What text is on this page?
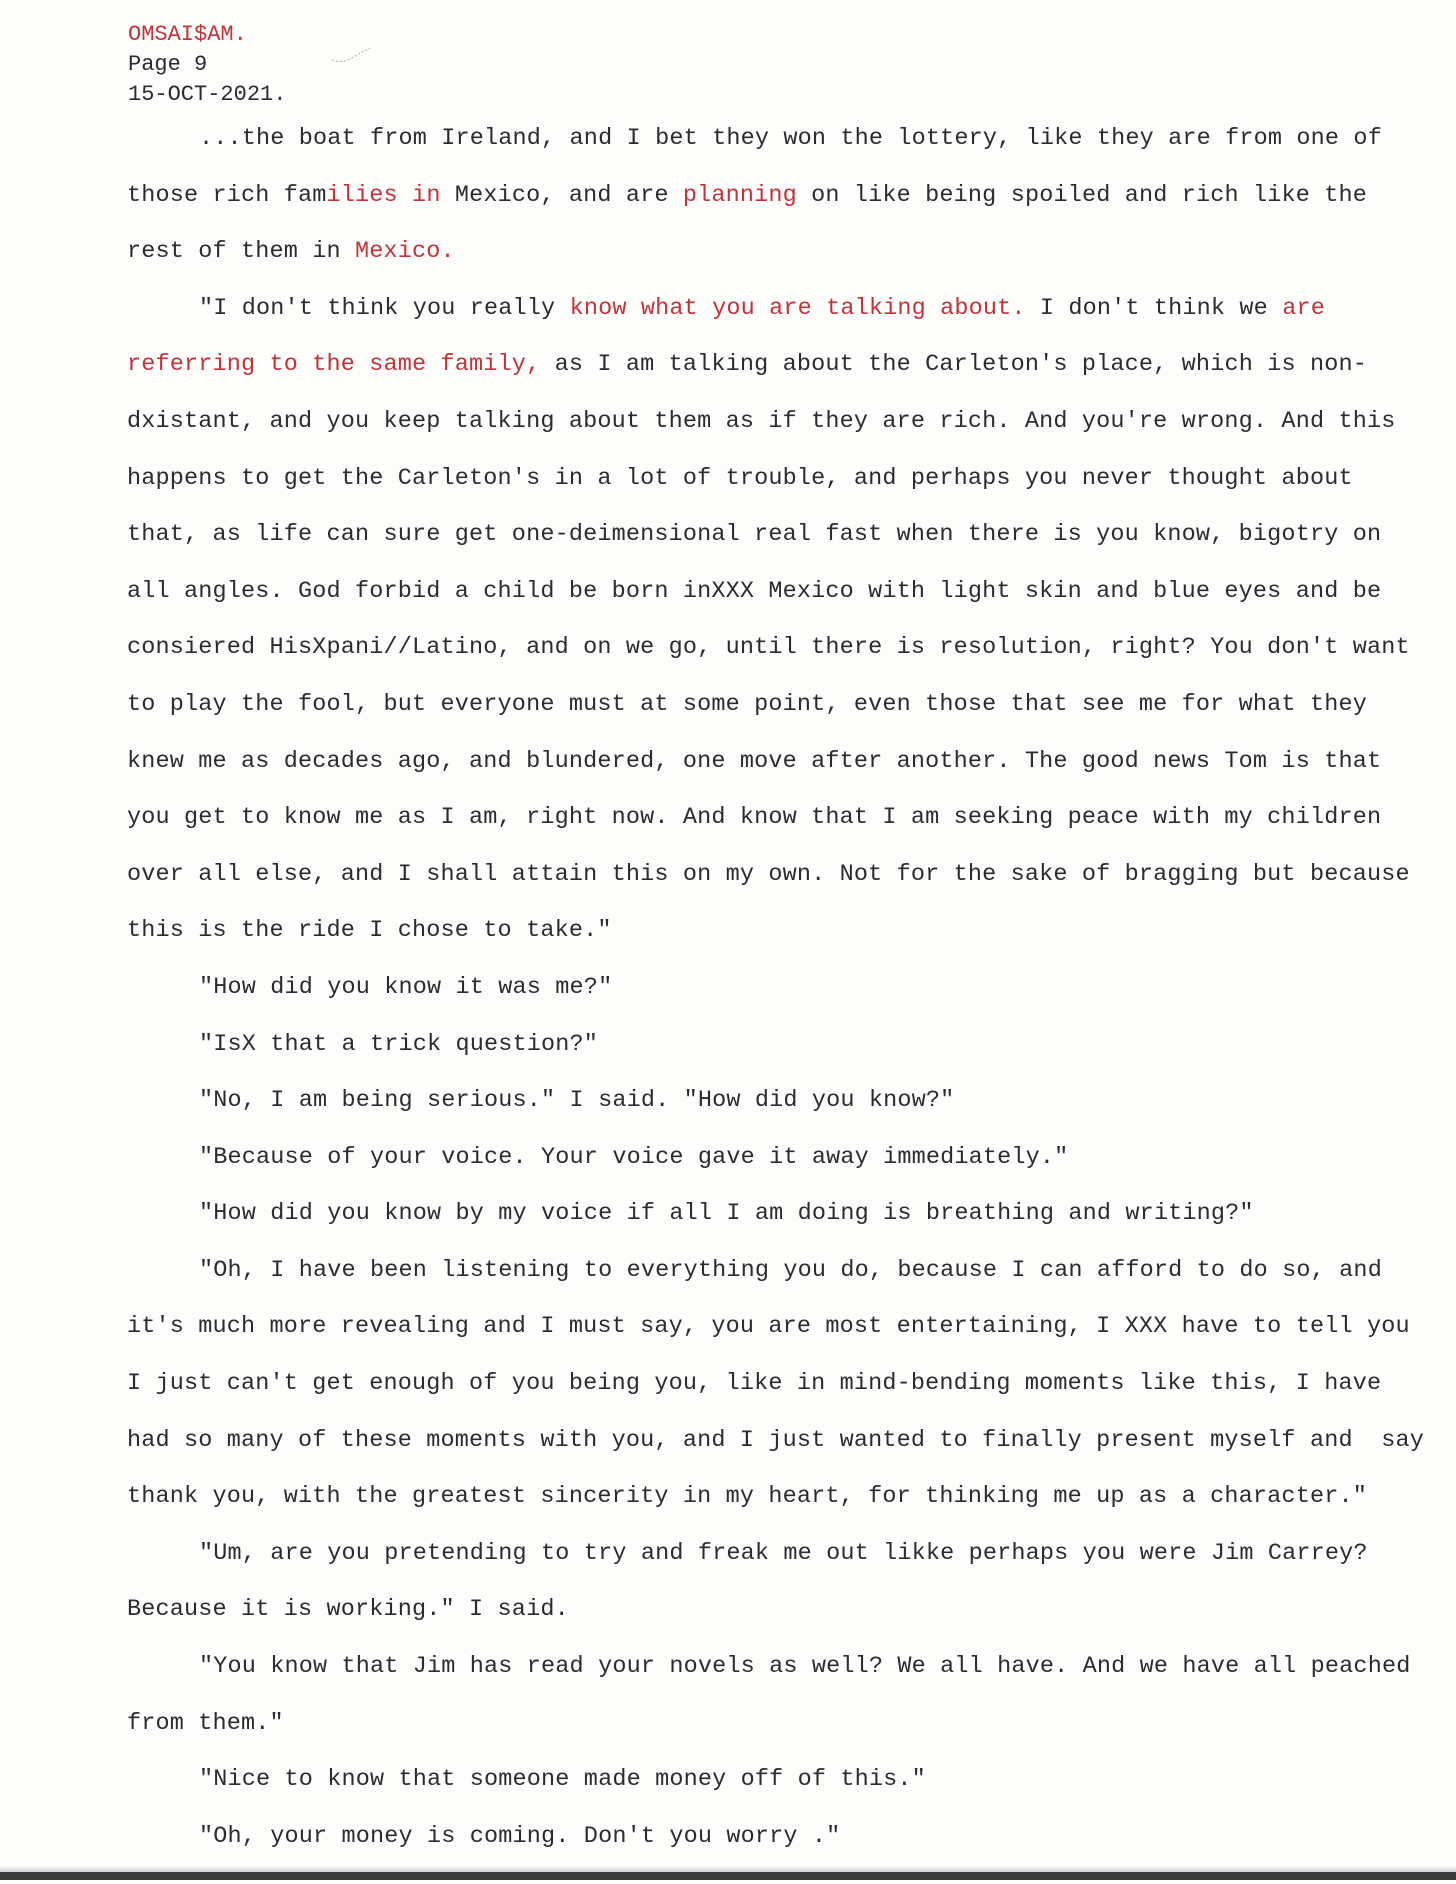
OMSAI$AM.
Page 9
15-OCT-2021.
...the boat from Ireland, and I bet they won the lottery, like they are from one of
those rich families in Mexico, and are planning on like being spoiled and rich like the
rest of them in Mexico.
"I don't think you really know what you are talking about. I don't think we are
referring to the same family, as I am talking about the Carleton's place, which is non-
dxistant, and you keep talking about them as if they are rich. And you're wrong. And this
happens to get the Carleton's in a lot of trouble, and perhaps you never thought about
that, as life can sure get one-deimensional real fast when there is you know, bigotry on
all angles. God forbid a child be born inXXX Mexico with light skin and blue eyes and be
consiered HisXpani//Latino, and on we go, until there is resolution, right? You don't want
to play the fool, but everyone must at some point, even those that see me for what they
knew me as decades ago, and blundered, one move after another. The good news Tom is that
you get to know me as I am, right now. And know that I am seeking peace with my children
over all else, and I shall attain this on my own. Not for the sake of bragging but because
this is the ride I chose to take."
"How did you know it was me?"
"IsX that a trick question?"
"No, I am being serious." I said. "How did you know?"
"Because of your voice. Your voice gave it away immediately."
"How did you know by my voice if all I am doing is breathing and writing?"
"Oh, I have been listening to everything you do, because I can afford to do so, and
it's much more revealing and I must say, you are most entertaining, I XXX have to tell you
I just can't get enough of you being you, like in mind-bending moments like this, I have
had so many of these moments with you, and I just wanted to finally present myself and  say
thank you, with the greatest sincerity in my heart, for thinking me up as a character."
"Um, are you pretending to try and freak me out likke perhaps you were Jim Carrey?
Because it is working." I said.
"You know that Jim has read your novels as well? We all have. And we have all peached
from them."
"Nice to know that someone made money off of this."
"Oh, your money is coming. Don't you worry ."
